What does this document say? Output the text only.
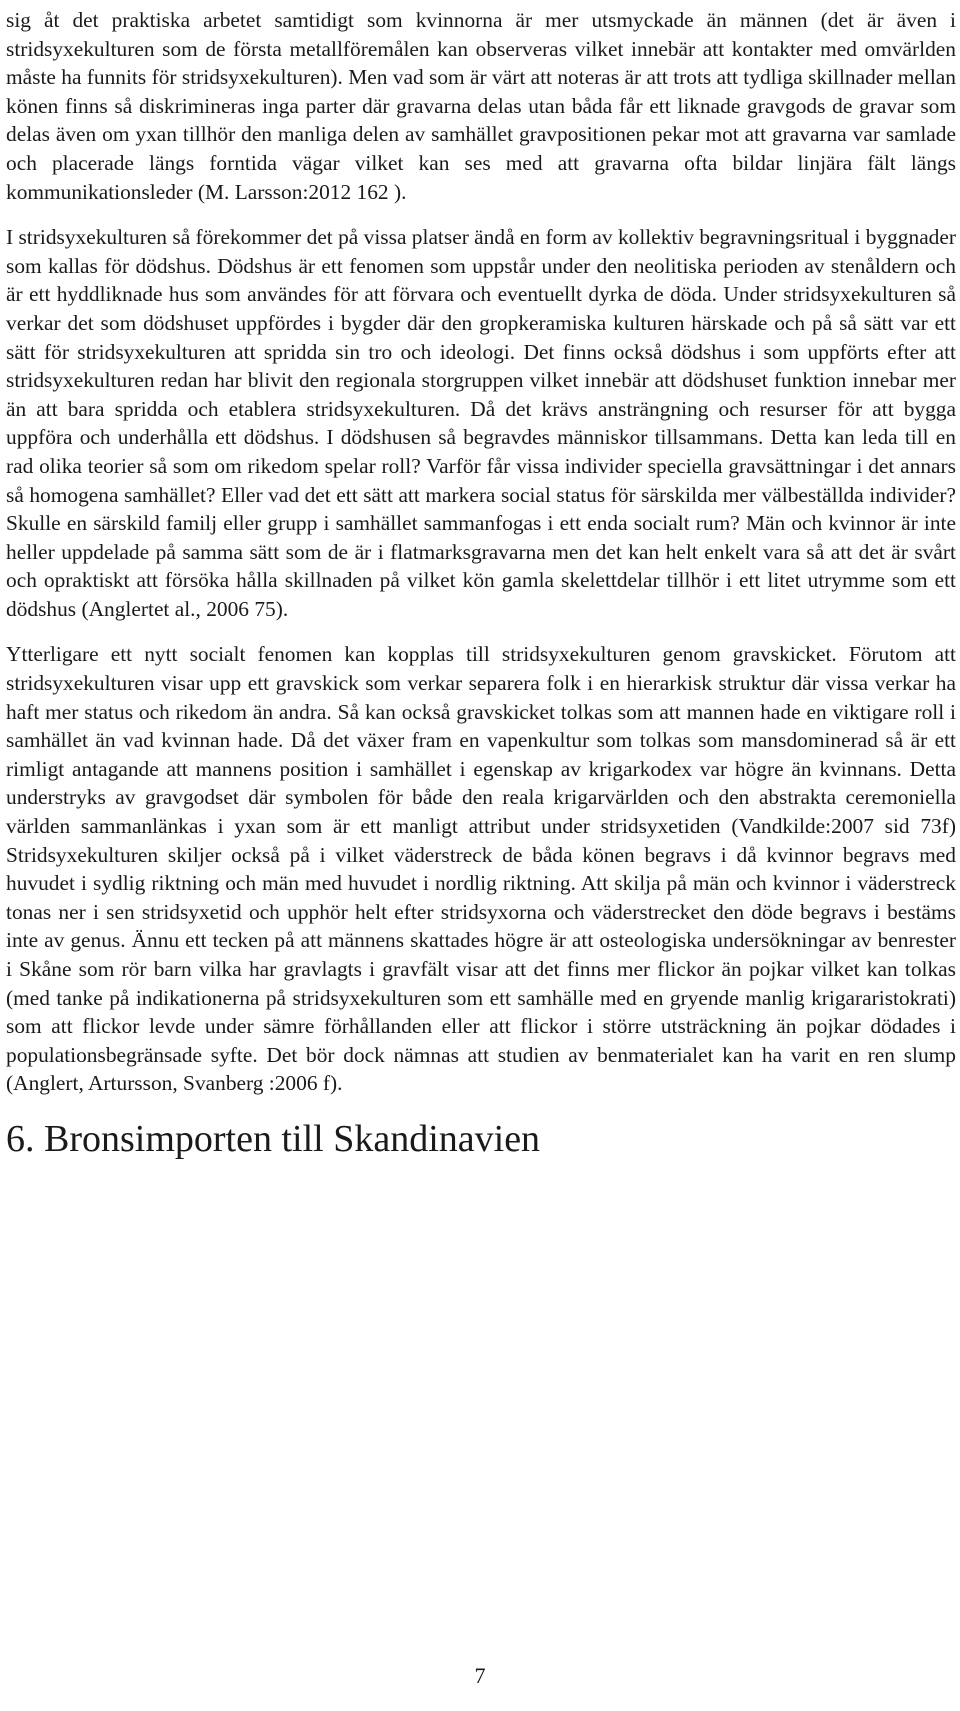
sig åt det praktiska arbetet samtidigt som kvinnorna är mer utsmyckade än männen (det är även i stridsyxekulturen som de första metallföremålen kan observeras vilket innebär att kontakter med omvärlden måste ha funnits för stridsyxekulturen). Men vad som är värt att noteras är att trots att tydliga skillnader mellan könen finns så diskrimineras inga parter där gravarna delas utan båda får ett liknade gravgods de gravar som delas även om yxan tillhör den manliga delen av samhället gravpositionen pekar mot att gravarna var samlade och placerade längs forntida vägar vilket kan ses med att gravarna ofta bildar linjära fält längs kommunikationsleder (M. Larsson:2012 162 ).

I stridsyxekulturen så förekommer det på vissa platser ändå en form av kollektiv begravningsritual i byggnader som kallas för dödshus. Dödshus är ett fenomen som uppstår under den neolitiska perioden av stenåldern och är ett hyddliknade hus som användes för att förvara och eventuellt dyrka de döda. Under stridsyxekulturen så verkar det som dödshuset uppfördes i bygder där den gropkeramiska kulturen härskade och på så sätt var ett sätt för stridsyxekulturen att spridda sin tro och ideologi. Det finns också dödshus i som uppförts efter att stridsyxekulturen redan har blivit den regionala storgruppen vilket innebär att dödshuset funktion innebar mer än att bara spridda och etablera stridsyxekulturen. Då det krävs ansträngning och resurser för att bygga uppföra och underhålla ett dödshus. I dödshusen så begravdes människor tillsammans. Detta kan leda till en rad olika teorier så som om rikedom spelar roll? Varför får vissa individer speciella gravsättningar i det annars så homogena samhället? Eller vad det ett sätt att markera social status för särskilda mer välbeställda individer? Skulle en särskild familj eller grupp i samhället sammanfogas i ett enda socialt rum? Män och kvinnor är inte heller uppdelade på samma sätt som de är i flatmarksgravarna men det kan helt enkelt vara så att det är svårt och opraktiskt att försöka hålla skillnaden på vilket kön gamla skelettdelar tillhör i ett litet utrymme som ett dödshus (Anglertet al., 2006 75).

Ytterligare ett nytt socialt fenomen kan kopplas till stridsyxekulturen genom gravskicket. Förutom att stridsyxekulturen visar upp ett gravskick som verkar separera folk i en hierarkisk struktur där vissa verkar ha haft mer status och rikedom än andra. Så kan också gravskicket tolkas som att mannen hade en viktigare roll i samhället än vad kvinnan hade. Då det växer fram en vapenkultur som tolkas som mansdominerad så är ett rimligt antagande att mannens position i samhället i egenskap av krigarkodex var högre än kvinnans. Detta understryks av gravgodset där symbolen för både den reala krigarvärlden och den abstrakta ceremoniella världen sammanlänkas i yxan som är ett manligt attribut under stridsyxetiden (Vandkilde:2007 sid 73f) Stridsyxekulturen skiljer också på i vilket väderstreck de båda könen begravs i då kvinnor begravs med huvudet i sydlig riktning och män med huvudet i nordlig riktning. Att skilja på män och kvinnor i väderstreck tonas ner i sen stridsyxetid och upphör helt efter stridsyxorna och väderstrecket den döde begravs i bestäms inte av genus. Ännu ett tecken på att männens skattades högre är att osteologiska undersökningar av benrester i Skåne som rör barn vilka har gravlagts i gravfält visar att det finns mer flickor än pojkar vilket kan tolkas (med tanke på indikationerna på stridsyxekulturen som ett samhälle med en gryende manlig krigararistokrati) som att flickor levde under sämre förhållanden eller att flickor i större utsträckning än pojkar dödades i populationsbegränsade syfte. Det bör dock nämnas att studien av benmaterialet kan ha varit en ren slump (Anglert, Artursson, Svanberg :2006 f).

6. Bronsimporten till Skandinavien
7
